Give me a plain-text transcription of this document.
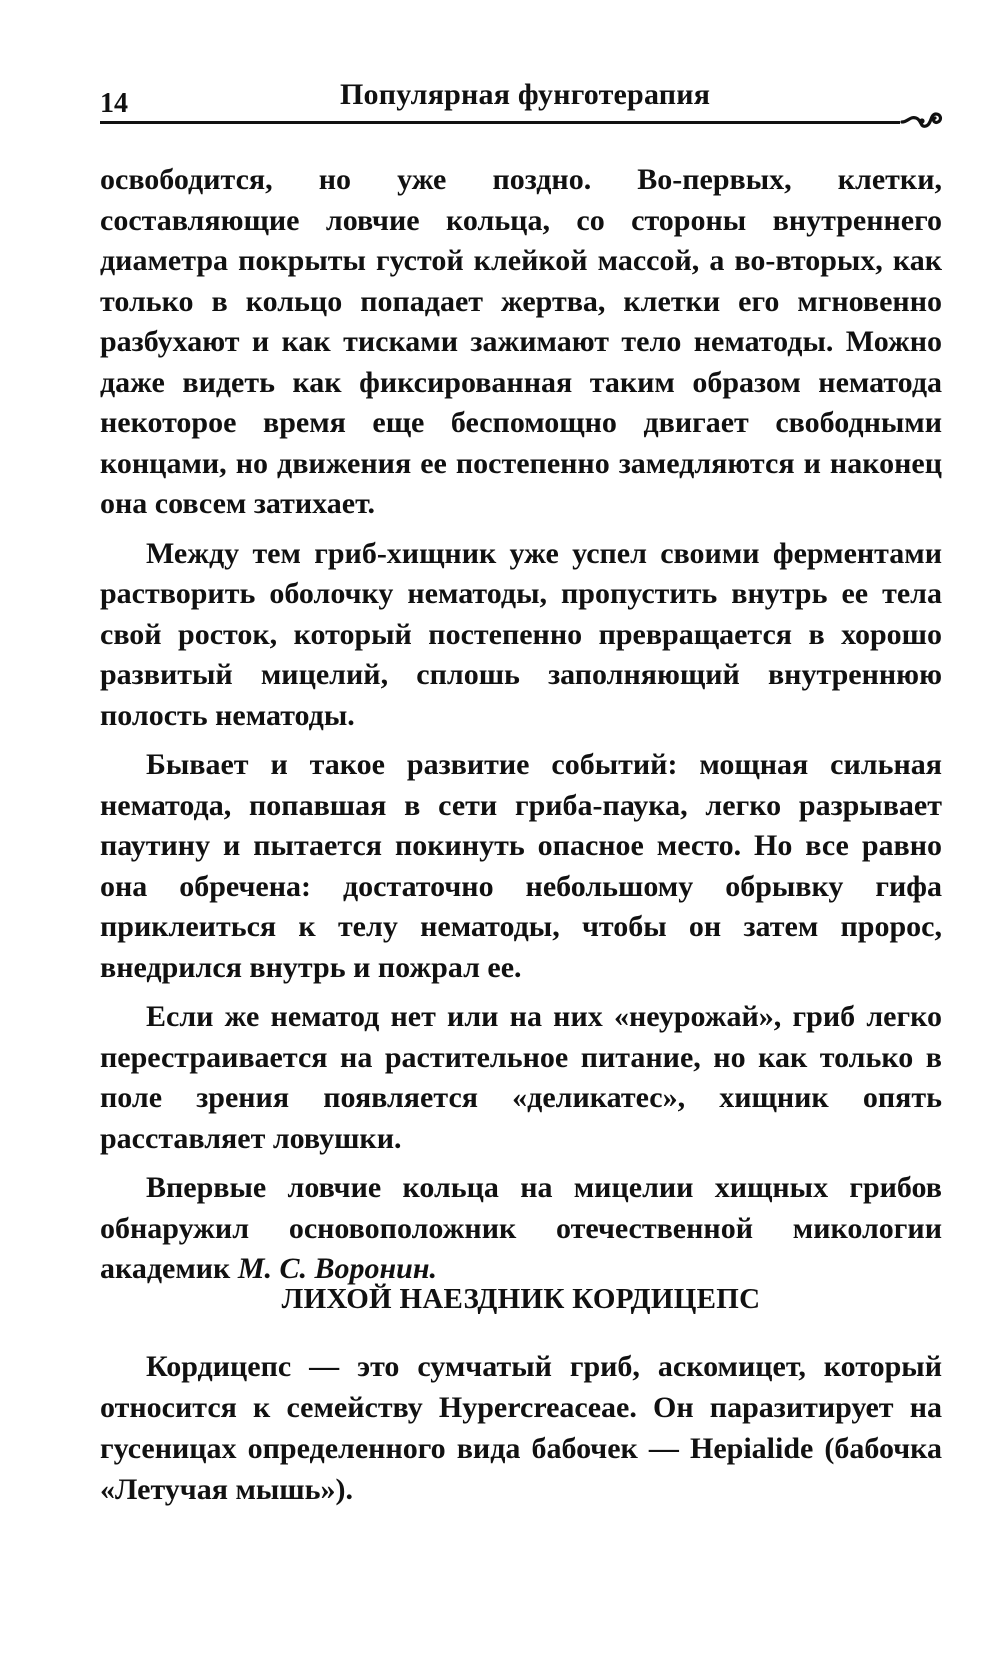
14	Популярная фунготерапия

освободится, но уже поздно. Во-первых, клетки, составляющие ловчие кольца, со стороны внутреннего диаметра покрыты густой клейкой массой, а во-вторых, как только в кольцо попадает жертва, клетки его мгновенно разбухают и как тисками зажимают тело нематоды. Можно даже видеть как фиксированная таким образом нематода некоторое время еще беспомощно двигает свободными концами, но движения ее постепенно замедляются и наконец она совсем затихает.

Между тем гриб-хищник уже успел своими ферментами растворить оболочку нематоды, пропустить внутрь ее тела свой росток, который постепенно превращается в хорошо развитый мицелий, сплошь заполняющий внутреннюю полость нематоды.

Бывает и такое развитие событий: мощная сильная нематода, попавшая в сети гриба-паука, легко разрывает паутину и пытается покинуть опасное место. Но все равно она обречена: достаточно небольшому обрывку гифа приклеиться к телу нематоды, чтобы он затем пророс, внедрился внутрь и пожрал ее.

Если же нематод нет или на них «неурожай», гриб легко перестраивается на растительное питание, но как только в поле зрения появляется «деликатес», хищник опять расставляет ловушки.

Впервые ловчие кольца на мицелии хищных грибов обнаружил основоположник отечественной микологии академик М. С. Воронин.

ЛИХОЙ НАЕЗДНИК КОРДИЦЕПС

Кордицепс — это сумчатый гриб, аскомицет, который относится к семейству Hypercreaceae. Он паразитирует на гусеницах определенного вида бабочек — Hepialide (бабочка «Летучая мышь»).
